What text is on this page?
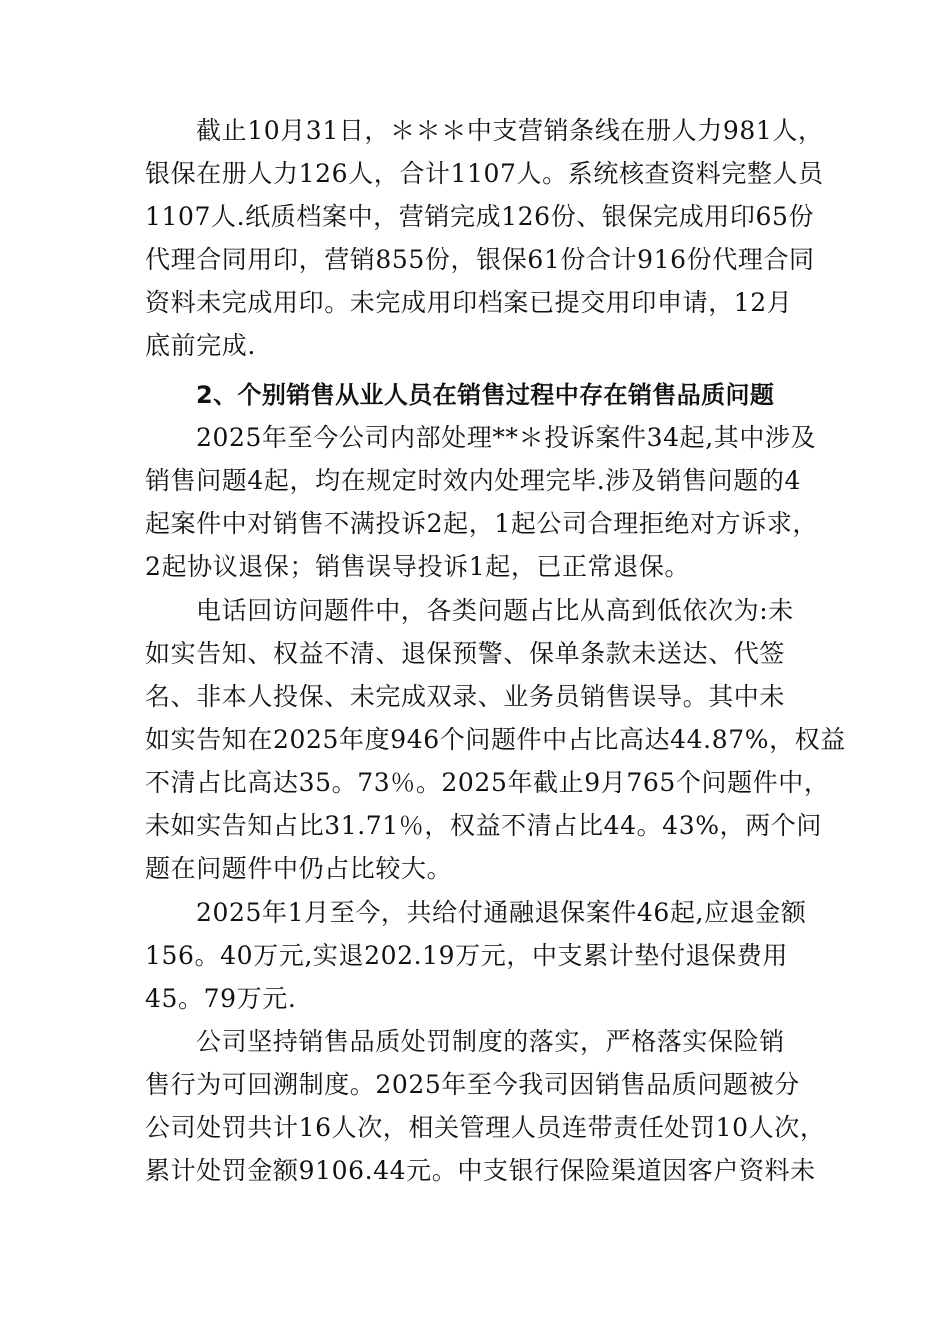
截止10月31日，＊＊＊中支营销条线在册人力981人，
银保在册人力126人，合计1107人。系统核查资料完整人员
1107人.纸质档案中，营销完成126份、银保完成用印65份
代理合同用印，营销855份，银保61份合计916份代理合同
资料未完成用印。未完成用印档案已提交用印申请，12月
底前完成.
2、个别销售从业人员在销售过程中存在销售品质问题
2025年至今公司内部处理**＊投诉案件34起,其中涉及
销售问题4起，均在规定时效内处理完毕.涉及销售问题的4
起案件中对销售不满投诉2起，1起公司合理拒绝对方诉求，
2起协议退保；销售误导投诉1起，已正常退保。
电话回访问题件中，各类问题占比从高到低依次为:未
如实告知、权益不清、退保预警、保单条款未送达、代签
名、非本人投保、未完成双录、业务员销售误导。其中未
如实告知在2025年度946个问题件中占比高达44.87%，权益
不清占比高达35。73％。2025年截止9月765个问题件中，
未如实告知占比31.71％，权益不清占比44。43%，两个问
题在问题件中仍占比较大。
2025年1月至今，共给付通融退保案件46起,应退金额
156。40万元,实退202.19万元，中支累计垫付退保费用
45。79万元.
公司坚持销售品质处罚制度的落实，严格落实保险销
售行为可回溯制度。2025年至今我司因销售品质问题被分
公司处罚共计16人次，相关管理人员连带责任处罚10人次，
累计处罚金额9106.44元。中支银行保险渠道因客户资料未
